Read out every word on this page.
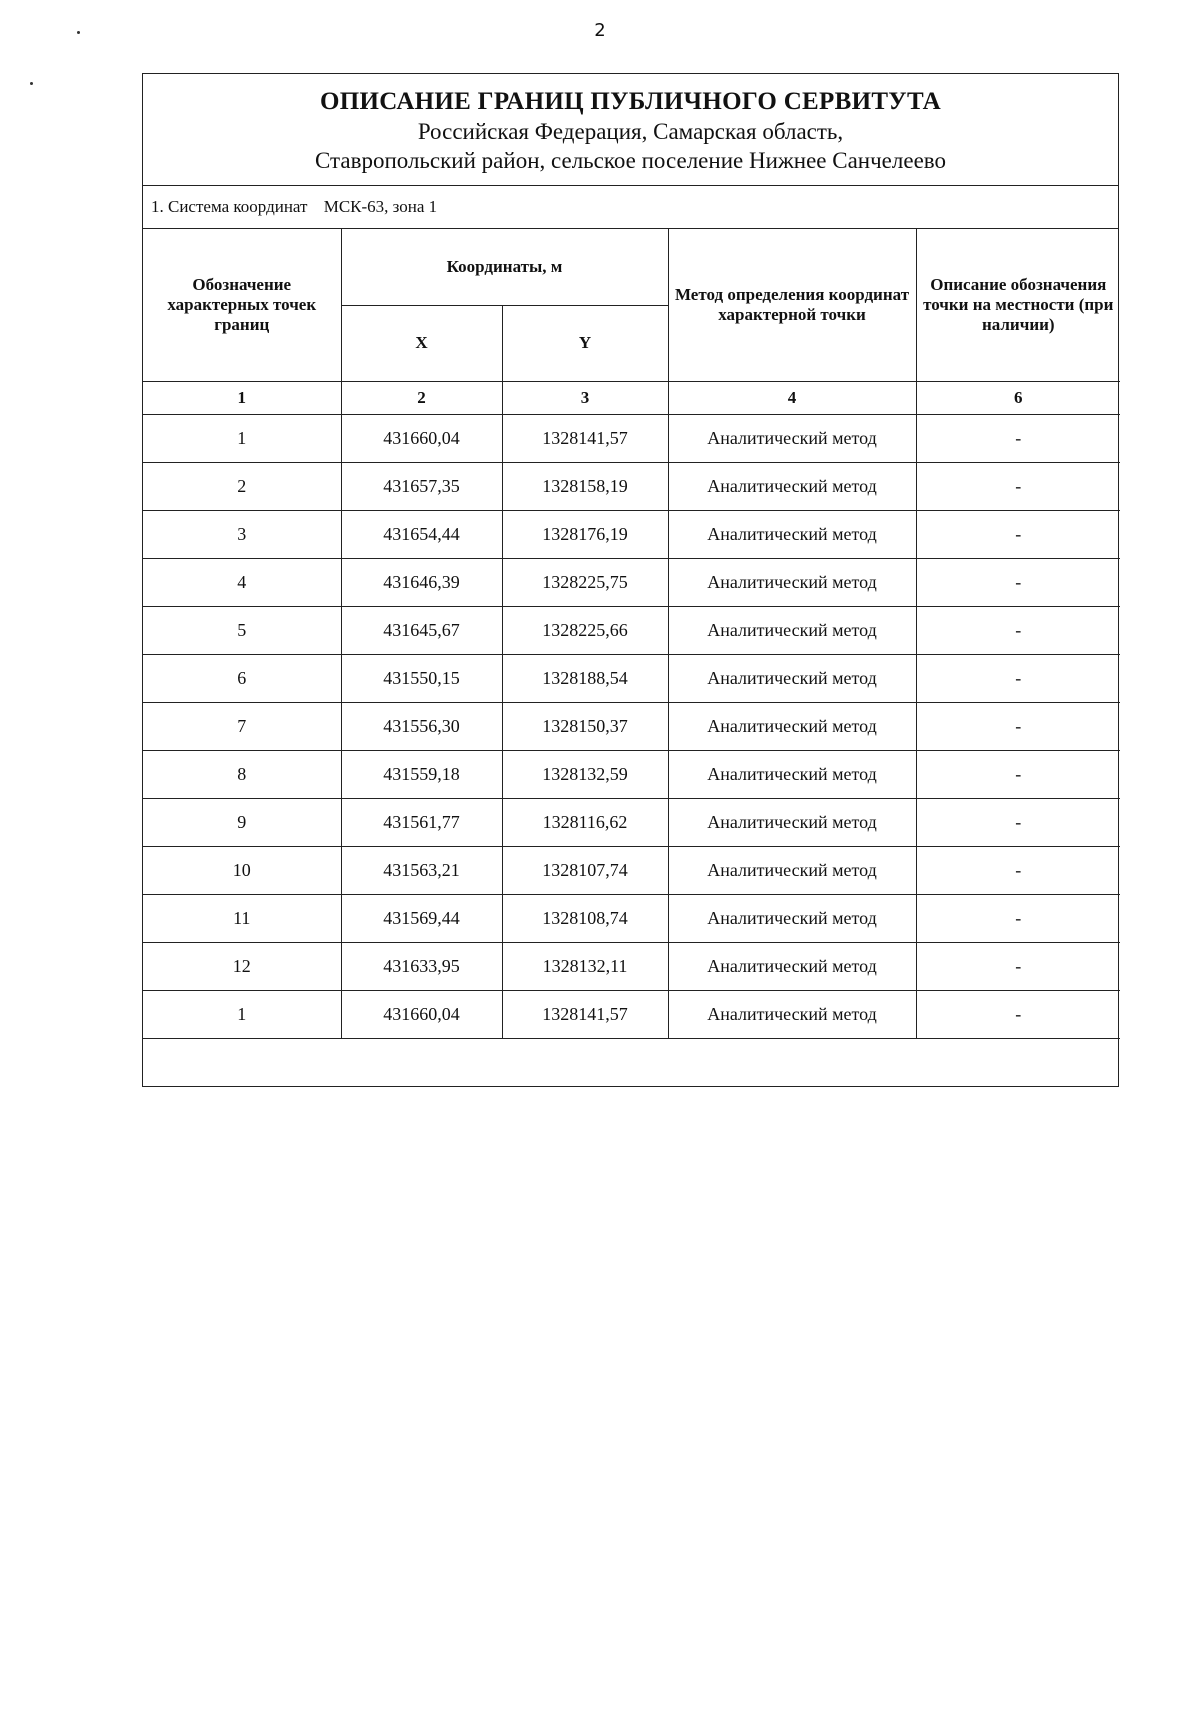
2
ОПИСАНИЕ ГРАНИЦ ПУБЛИЧНОГО СЕРВИТУТА
Российская Федерация, Самарская область,
Ставропольский район, сельское поселение Нижнее Санчелеево
1. Система координат МСК-63, зона 1
Обозначение характерных точек границ	Координаты, м		Метод определения координат характерной точки	Описание обозначения точки на местности (при наличии)
	X	Y		
1	2	3	4	6
1	431660,04	1328141,57	Аналитический метод	-
2	431657,35	1328158,19	Аналитический метод	-
3	431654,44	1328176,19	Аналитический метод	-
4	431646,39	1328225,75	Аналитический метод	-
5	431645,67	1328225,66	Аналитический метод	-
6	431550,15	1328188,54	Аналитический метод	-
7	431556,30	1328150,37	Аналитический метод	-
8	431559,18	1328132,59	Аналитический метод	-
9	431561,77	1328116,62	Аналитический метод	-
10	431563,21	1328107,74	Аналитический метод	-
11	431569,44	1328108,74	Аналитический метод	-
12	431633,95	1328132,11	Аналитический метод	-
1	431660,04	1328141,57	Аналитический метод	-
